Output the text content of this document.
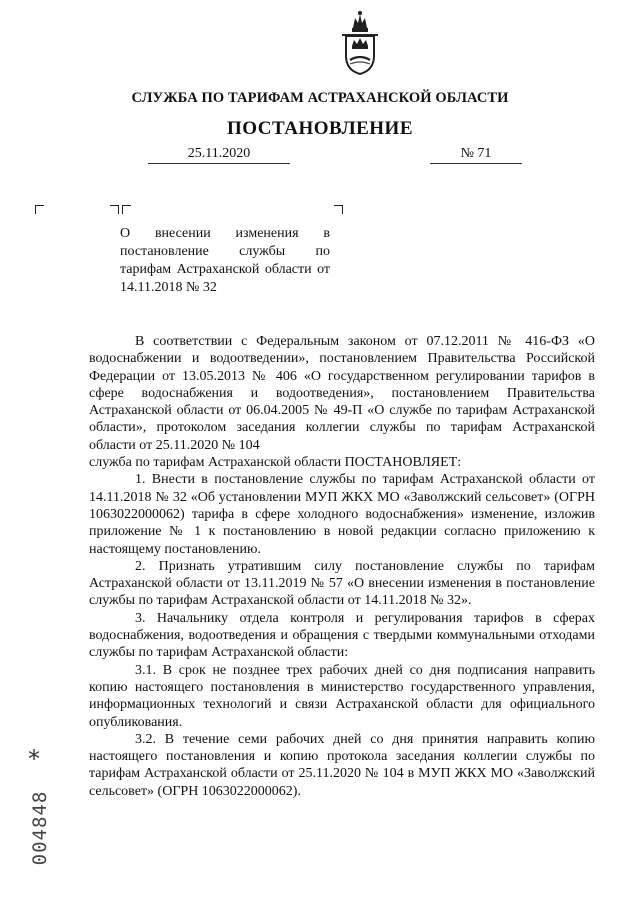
СЛУЖБА ПО ТАРИФАМ АСТРАХАНСКОЙ ОБЛАСТИ
ПОСТАНОВЛЕНИЕ
25.11.2020	№ 71
О внесении изменения в постановление службы по тарифам Астраханской области от 14.11.2018 № 32

В соответствии с Федеральным законом от 07.12.2011 № 416-ФЗ «О водоснабжении и водоотведении», постановлением Правительства Российской Федерации от 13.05.2013 № 406 «О государственном регулировании тарифов в сфере водоснабжения и водоотведения», постановлением Правительства Астраханской области от 06.04.2005 № 49-П «О службе по тарифам Астраханской области», протоколом заседания коллегии службы по тарифам Астраханской области от 25.11.2020 № 104

служба по тарифам Астраханской области ПОСТАНОВЛЯЕТ:

1. Внести в постановление службы по тарифам Астраханской области от 14.11.2018 № 32 «Об установлении МУП ЖКХ МО «Заволжский сельсовет» (ОГРН 1063022000062) тарифа в сфере холодного водоснабжения» изменение, изложив приложение № 1 к постановлению в новой редакции согласно приложению к настоящему постановлению.

2. Признать утратившим силу постановление службы по тарифам Астраханской области от 13.11.2019 № 57 «О внесении изменения в постановление службы по тарифам Астраханской области от 14.11.2018 № 32».

3. Начальнику отдела контроля и регулирования тарифов в сферах водоснабжения, водоотведения и обращения с твердыми коммунальными отходами службы по тарифам Астраханской области:

3.1. В срок не позднее трех рабочих дней со дня подписания направить копию настоящего постановления в министерство государственного управления, информационных технологий и связи Астраханской области для официального опубликования.

3.2. В течение семи рабочих дней со дня принятия направить копию настоящего постановления и копию протокола заседания коллегии службы по тарифам Астраханской области от 25.11.2020 № 104 в МУП ЖКХ МО «Заволжский сельсовет» (ОГРН 1063022000062).

*
004848
